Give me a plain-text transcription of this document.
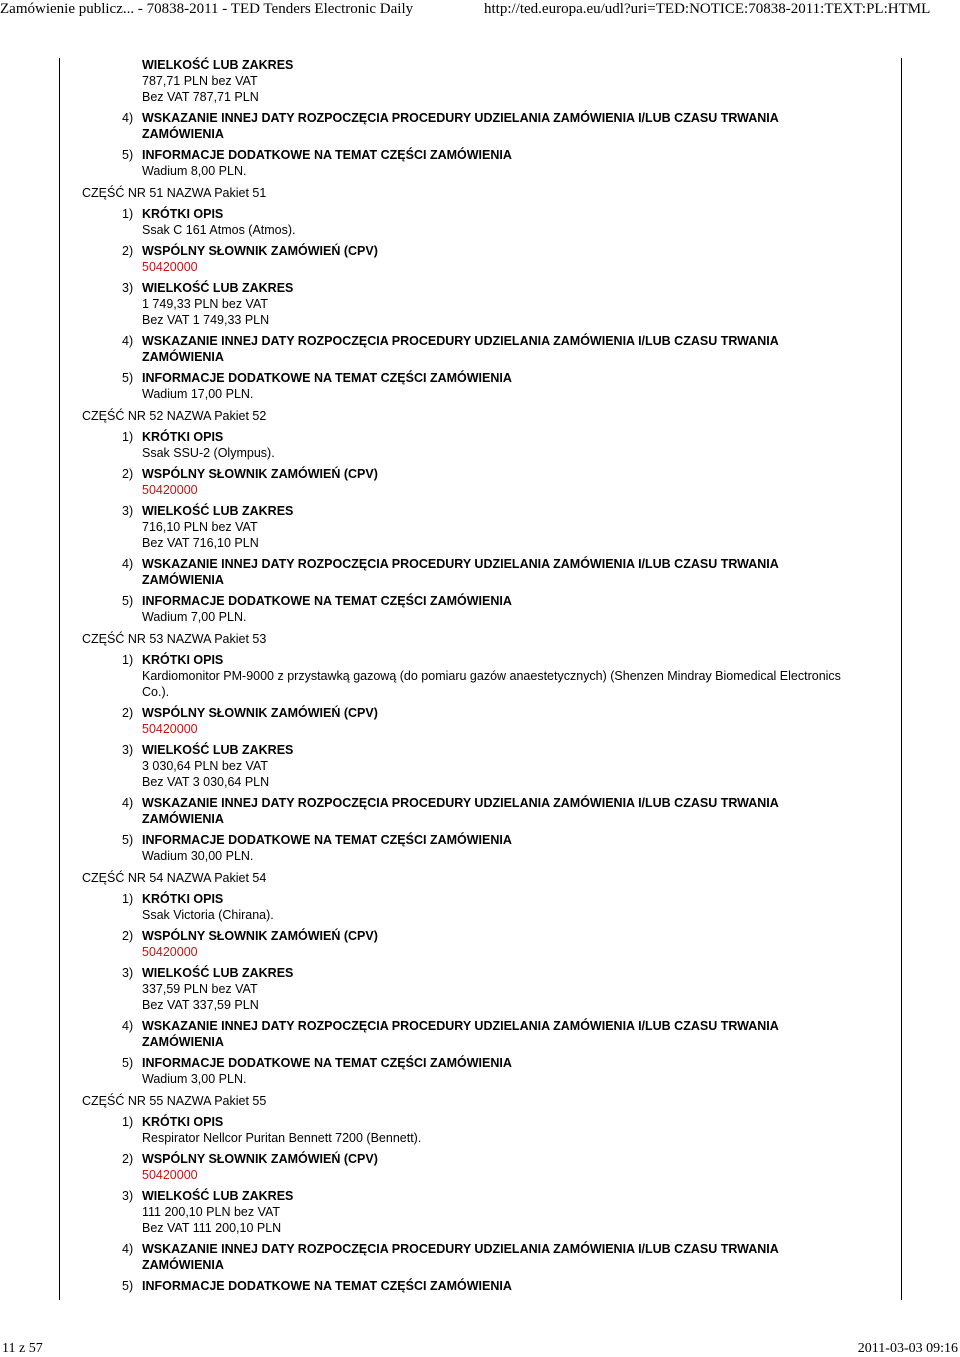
Zamówienie publicz... - 70838-2011 - TED Tenders Electronic Daily	http://ted.europa.eu/udl?uri=TED:NOTICE:70838-2011:TEXT:PL:HTML
WIELKOŚĆ LUB ZAKRES
787,71 PLN bez VAT
Bez VAT 787,71 PLN
4) WSKAZANIE INNEJ DATY ROZPOCZĘCIA PROCEDURY UDZIELANIA ZAMÓWIENIA I/LUB CZASU TRWANIA ZAMÓWIENIA
5) INFORMACJE DODATKOWE NA TEMAT CZĘŚCI ZAMÓWIENIA
Wadium 8,00 PLN.
CZĘŚĆ NR 51 NAZWA Pakiet 51
1) KRÓTKI OPIS
Ssak C 161 Atmos (Atmos).
2) WSPÓLNY SŁOWNIK ZAMÓWIEŃ (CPV)
50420000
3) WIELKOŚĆ LUB ZAKRES
1 749,33 PLN bez VAT
Bez VAT 1 749,33 PLN
4) WSKAZANIE INNEJ DATY ROZPOCZĘCIA PROCEDURY UDZIELANIA ZAMÓWIENIA I/LUB CZASU TRWANIA ZAMÓWIENIA
5) INFORMACJE DODATKOWE NA TEMAT CZĘŚCI ZAMÓWIENIA
Wadium 17,00 PLN.
CZĘŚĆ NR 52 NAZWA Pakiet 52
1) KRÓTKI OPIS
Ssak SSU-2 (Olympus).
2) WSPÓLNY SŁOWNIK ZAMÓWIEŃ (CPV)
50420000
3) WIELKOŚĆ LUB ZAKRES
716,10 PLN bez VAT
Bez VAT 716,10 PLN
4) WSKAZANIE INNEJ DATY ROZPOCZĘCIA PROCEDURY UDZIELANIA ZAMÓWIENIA I/LUB CZASU TRWANIA ZAMÓWIENIA
5) INFORMACJE DODATKOWE NA TEMAT CZĘŚCI ZAMÓWIENIA
Wadium 7,00 PLN.
CZĘŚĆ NR 53 NAZWA Pakiet 53
1) KRÓTKI OPIS
Kardiomonitor PM-9000 z przystawką gazową (do pomiaru gazów anaestetycznych) (Shenzen Mindray Biomedical Electronics Co.).
2) WSPÓLNY SŁOWNIK ZAMÓWIEŃ (CPV)
50420000
3) WIELKOŚĆ LUB ZAKRES
3 030,64 PLN bez VAT
Bez VAT 3 030,64 PLN
4) WSKAZANIE INNEJ DATY ROZPOCZĘCIA PROCEDURY UDZIELANIA ZAMÓWIENIA I/LUB CZASU TRWANIA ZAMÓWIENIA
5) INFORMACJE DODATKOWE NA TEMAT CZĘŚCI ZAMÓWIENIA
Wadium 30,00 PLN.
CZĘŚĆ NR 54 NAZWA Pakiet 54
1) KRÓTKI OPIS
Ssak Victoria (Chirana).
2) WSPÓLNY SŁOWNIK ZAMÓWIEŃ (CPV)
50420000
3) WIELKOŚĆ LUB ZAKRES
337,59 PLN bez VAT
Bez VAT 337,59 PLN
4) WSKAZANIE INNEJ DATY ROZPOCZĘCIA PROCEDURY UDZIELANIA ZAMÓWIENIA I/LUB CZASU TRWANIA ZAMÓWIENIA
5) INFORMACJE DODATKOWE NA TEMAT CZĘŚCI ZAMÓWIENIA
Wadium 3,00 PLN.
CZĘŚĆ NR 55 NAZWA Pakiet 55
1) KRÓTKI OPIS
Respirator Nellcor Puritan Bennett 7200 (Bennett).
2) WSPÓLNY SŁOWNIK ZAMÓWIEŃ (CPV)
50420000
3) WIELKOŚĆ LUB ZAKRES
111 200,10 PLN bez VAT
Bez VAT 111 200,10 PLN
4) WSKAZANIE INNEJ DATY ROZPOCZĘCIA PROCEDURY UDZIELANIA ZAMÓWIENIA I/LUB CZASU TRWANIA ZAMÓWIENIA
5) INFORMACJE DODATKOWE NA TEMAT CZĘŚCI ZAMÓWIENIA
11 z 57	2011-03-03 09:16
